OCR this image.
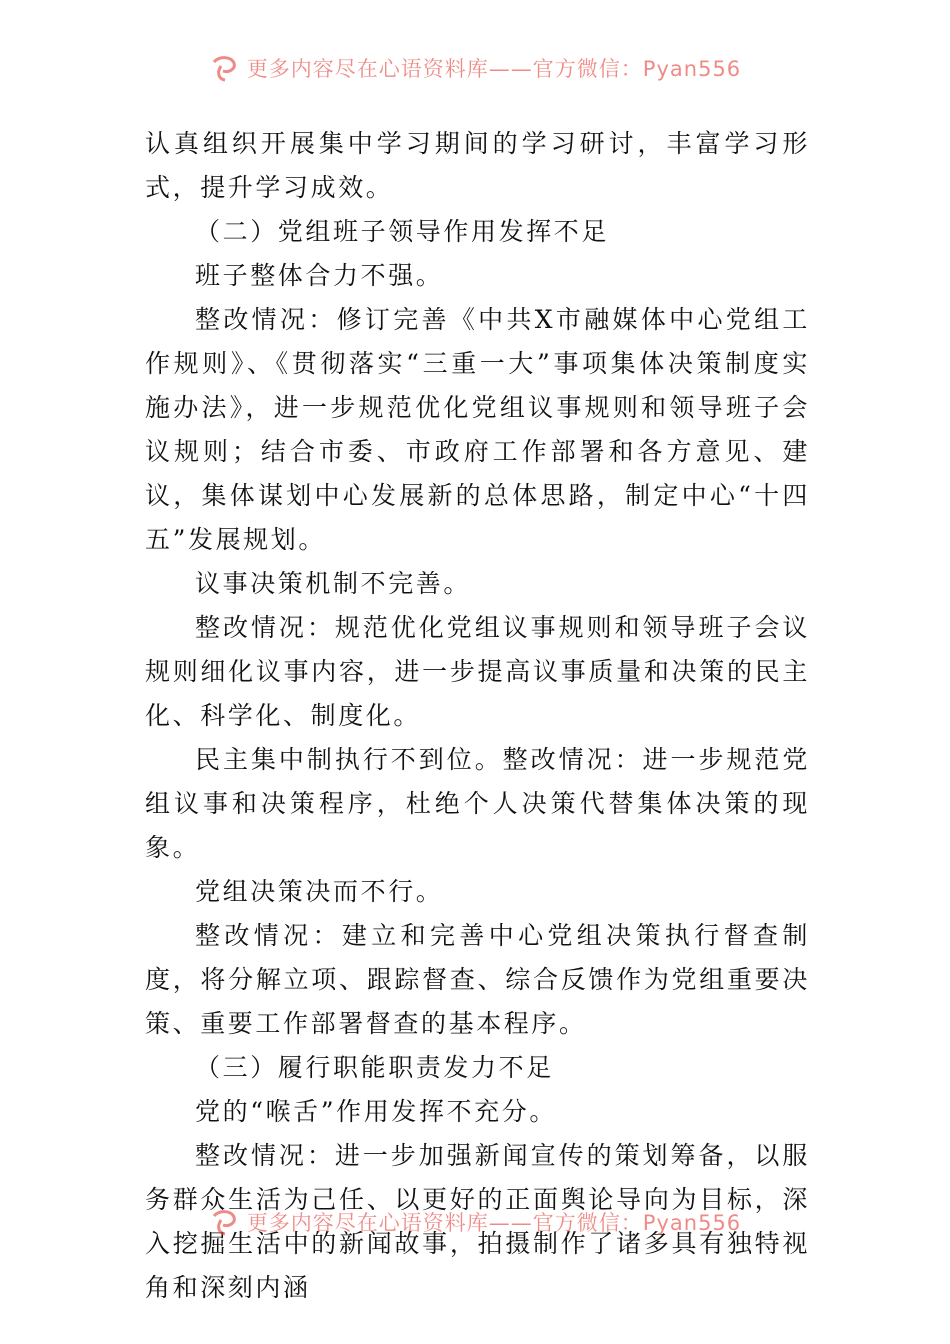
更多内容尽在心语资料库——官方微信：Pyan556

认真组织开展集中学习期间的学习研讨，丰富学习形式，提升学习成效。

（二）党组班子领导作用发挥不足

班子整体合力不强。

整改情况：修订完善《中共X市融媒体中心党组工作规则》、《贯彻落实“三重一大”事项集体决策制度实施办法》，进一步规范优化党组议事规则和领导班子会议规则；结合市委、市政府工作部署和各方意见、建议，集体谋划中心发展新的总体思路，制定中心“十四五”发展规划。

议事决策机制不完善。

整改情况：规范优化党组议事规则和领导班子会议规则细化议事内容，进一步提高议事质量和决策的民主化、科学化、制度化。

民主集中制执行不到位。整改情况：进一步规范党组议事和决策程序，杜绝个人决策代替集体决策的现象。

党组决策决而不行。

整改情况：建立和完善中心党组决策执行督查制度，将分解立项、跟踪督查、综合反馈作为党组重要决策、重要工作部署督查的基本程序。

（三）履行职能职责发力不足

党的“喉舌”作用发挥不充分。

整改情况：进一步加强新闻宣传的策划筹备，以服务群众生活为己任、以更好的正面舆论导向为目标，深入挖掘生活中的新闻故事，拍摄制作了诸多具有独特视角和深刻内涵

更多内容尽在心语资料库——官方微信：Pyan556
